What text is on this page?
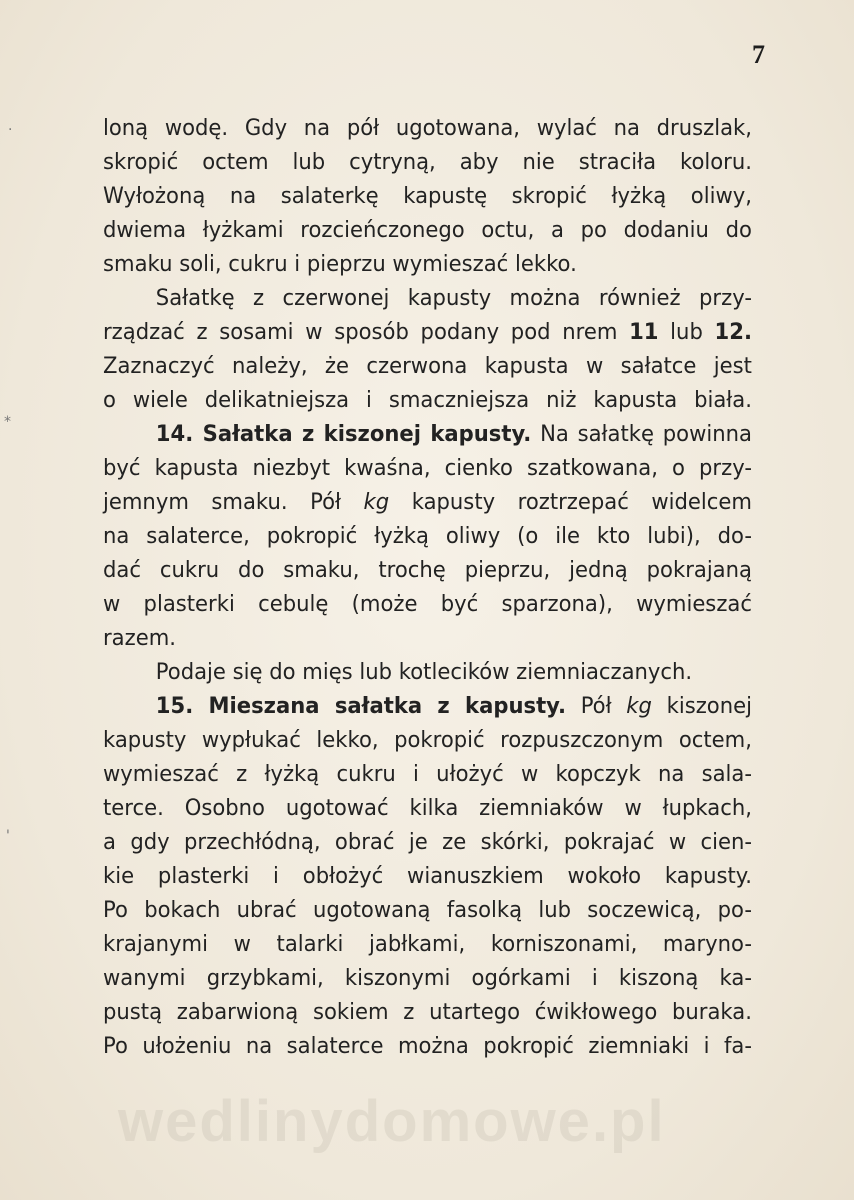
7
·
*
'
loną wodę. Gdy na pół ugotowana, wylać na druszlak,
skropić octem lub cytryną, aby nie straciła koloru.
Wyłożoną na salaterkę kapustę skropić łyżką oliwy,
dwiema łyżkami rozcieńczonego octu, a po dodaniu do
smaku soli, cukru i pieprzu wymieszać lekko.
Sałatkę z czerwonej kapusty można również przy-
rządzać z sosami w sposób podany pod nrem 11 lub 12.
Zaznaczyć należy, że czerwona kapusta w sałatce jest
o wiele delikatniejsza i smaczniejsza niż kapusta biała.
14. Sałatka z kiszonej kapusty. Na sałatkę powinna
być kapusta niezbyt kwaśna, cienko szatkowana, o przy-
jemnym smaku. Pół kg kapusty roztrzepać widelcem
na salaterce, pokropić łyżką oliwy (o ile kto lubi), do-
dać cukru do smaku, trochę pieprzu, jedną pokrajaną
w plasterki cebulę (może być sparzona), wymieszać
razem.
Podaje się do mięs lub kotlecików ziemniaczanych.
15. Mieszana sałatka z kapusty. Pół kg kiszonej
kapusty wypłukać lekko, pokropić rozpuszczonym octem,
wymieszać z łyżką cukru i ułożyć w kopczyk na sala-
terce. Osobno ugotować kilka ziemniaków w łupkach,
a gdy przechłódną, obrać je ze skórki, pokrajać w cien-
kie plasterki i obłożyć wianuszkiem wokoło kapusty.
Po bokach ubrać ugotowaną fasolką lub soczewicą, po-
krajanymi w talarki jabłkami, korniszonami, maryno-
wanymi grzybkami, kiszonymi ogórkami i kiszoną ka-
pustą zabarwioną sokiem z utartego ćwikłowego buraka.
Po ułożeniu na salaterce można pokropić ziemniaki i fa-
wedlinydomowe.pl
